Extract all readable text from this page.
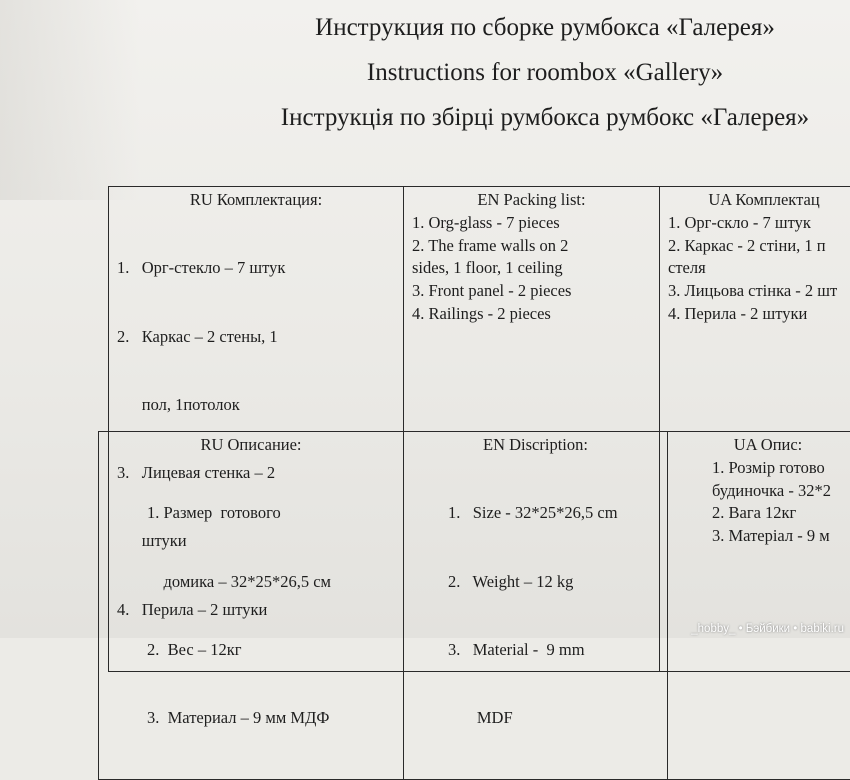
Инструкция по сборке румбокса «Галерея»
Instructions for roombox «Gallery»
Інструкція по збірці румбокса румбокс «Галерея»
RU Комплектация:

1.   Орг-стекло – 7 штук

2.   Каркас – 2 стены, 1

пол, 1потолок

3.   Лицевая стенка – 2

штуки

4.   Перила – 2 штуки

EN Packing list:
1. Org-glass - 7 pieces
2. The frame walls on 2
sides, 1 floor, 1 ceiling
3. Front panel - 2 pieces
4. Railings - 2 pieces

UA Комплектац
1. Орг-скло - 7 штук
2. Каркас - 2 стіни, 1 п
стеля
3. Лицьова стінка - 2 шт
4. Перила - 2 штуки
RU Описание:

1. Размер  готового

домика – 32*25*26,5 см

2.  Вес – 12кг

3.  Материал – 9 мм МДФ

EN Discription:

1.   Size - 32*25*26,5 cm

2.   Weight – 12 kg

3.   Material -  9 mm

MDF

UA Опис:
1. Розмір готово
будиночка - 32*2
2. Вага 12кг
3. Матеріал - 9 м
_hobby_ • Бэйбики • babiki.ru
